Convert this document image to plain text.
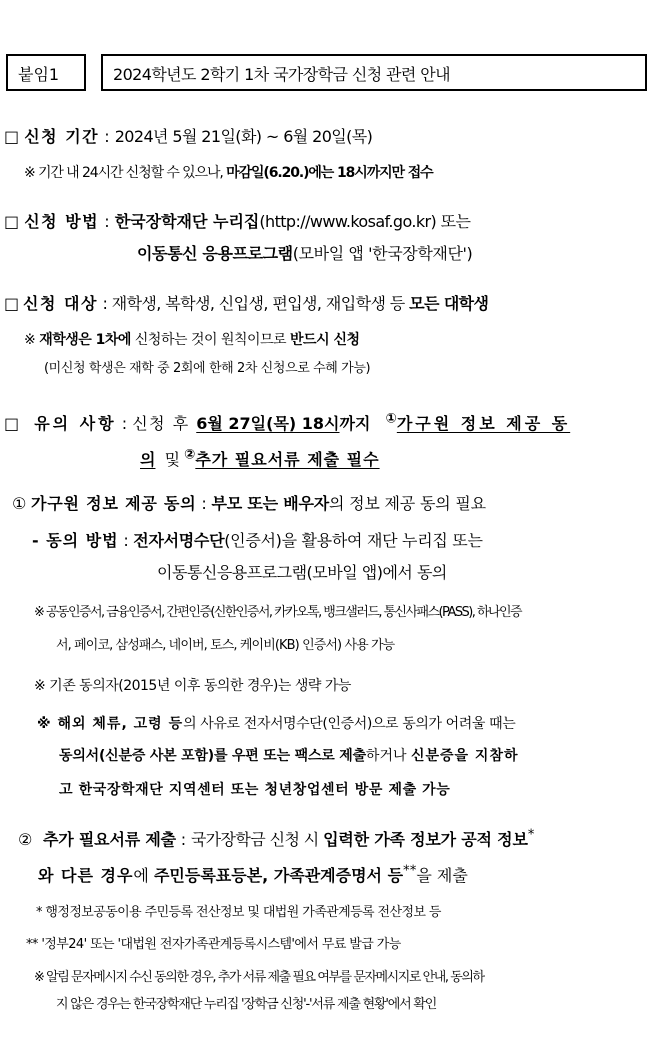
붙임1	2024학년도 2학기 1차 국가장학금 신청 관련 안내
□ 신청 기간 : 2024년 5월 21일(화) ~ 6월 20일(목)
※ 기간 내 24시간 신청할 수 있으나, 마감일(6.20.)에는 18시까지만 접수
□ 신청 방법 : 한국장학재단 누리집(http://www.kosaf.go.kr) 또는
이동통신 응용프로그램(모바일 앱 '한국장학재단')
□ 신청 대상 : 재학생, 복학생, 신입생, 편입생, 재입학생 등 모든 대학생
※ 재학생은 1차에 신청하는 것이 원칙이므로 반드시 신청
(미신청 학생은 재학 중 2회에 한해 2차 신청으로 수혜 가능)
□ 유의 사항 : 신청 후 6월 27일(목) 18시까지 ①가구원 정보 제공 동
의 및 ②추가 필요서류 제출 필수
① 가구원 정보 제공 동의 : 부모 또는 배우자의 정보 제공 동의 필요
- 동의 방법 : 전자서명수단(인증서)을 활용하여 재단 누리집 또는
이동통신응용프로그램(모바일 앱)에서 동의
※ 공동인증서, 금융인증서, 간편인증(신한인증서, 카카오톡, 뱅크샐러드, 통신사패스(PASS), 하나인증
서, 페이코, 삼성패스, 네이버, 토스, 케이비(KB) 인증서) 사용 가능
※ 기존 동의자(2015년 이후 동의한 경우)는 생략 가능
※ 해외 체류, 고령 등의 사유로 전자서명수단(인증서)으로 동의가 어려울 때는
동의서(신분증 사본 포함)를 우편 또는 팩스로 제출하거나 신분증을 지참하
고 한국장학재단 지역센터 또는 청년창업센터 방문 제출 가능
② 추가 필요서류 제출 : 국가장학금 신청 시 입력한 가족 정보가 공적 정보*
와 다른 경우에 주민등록표등본, 가족관계증명서 등**을 제출
* 행정정보공동이용 주민등록 전산정보 및 대법원 가족관계등록 전산정보 등
** '정부24' 또는 '대법원 전자가족관계등록시스템'에서 무료 발급 가능
※ 알림 문자메시지 수신 동의한 경우, 추가 서류 제출 필요 여부를 문자메시지로 안내, 동의하
지 않은 경우는 한국장학재단 누리집 '장학금 신청'-'서류 제출 현황'에서 확인
